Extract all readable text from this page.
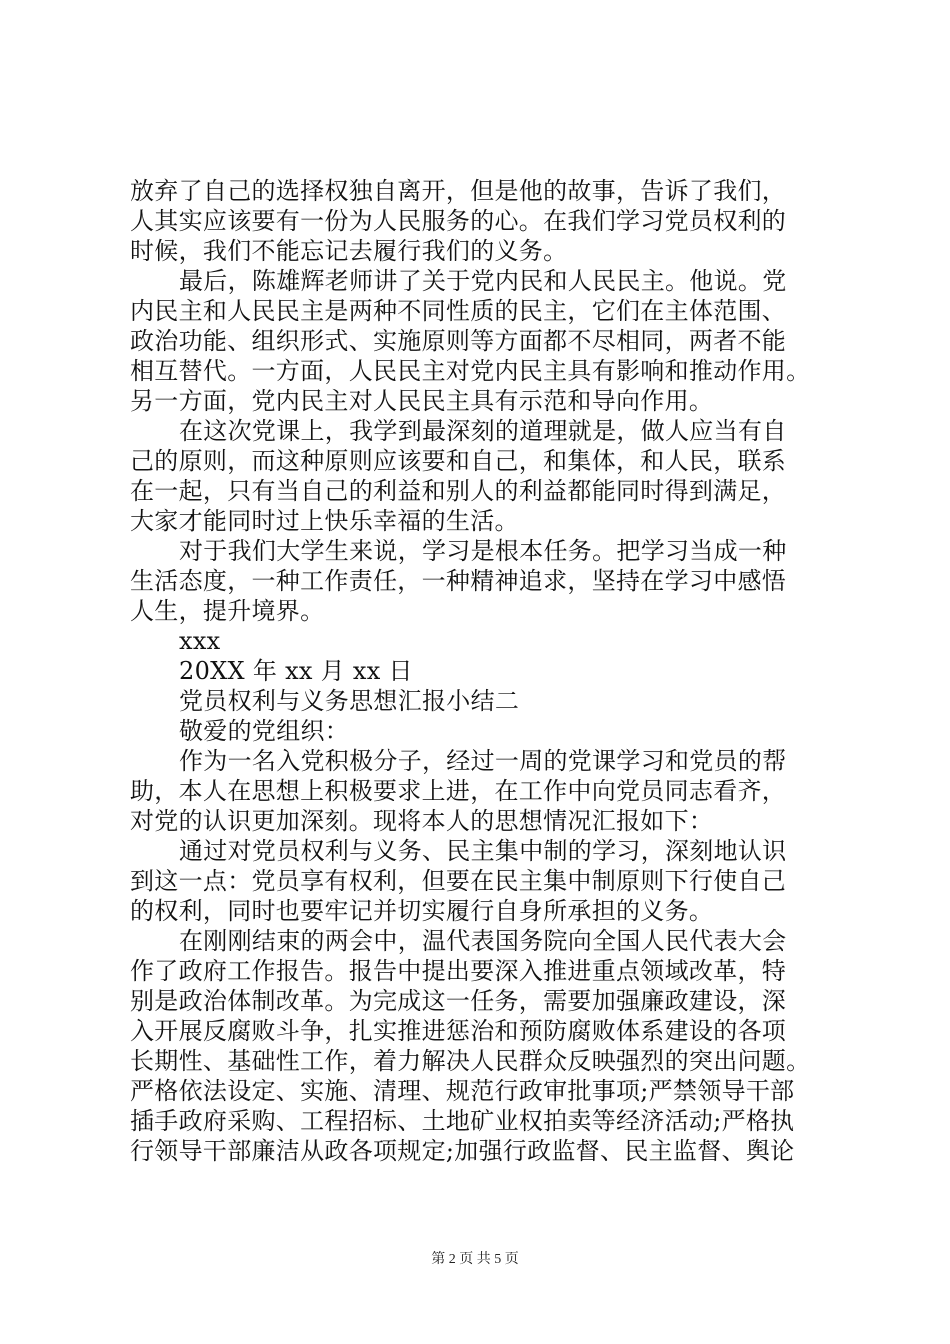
放弃了自己的选择权独自离开，但是他的故事，告诉了我们，
人其实应该要有一份为人民服务的心。在我们学习党员权利的
时候，我们不能忘记去履行我们的义务。
最后，陈雄辉老师讲了关于党内民和人民民主。他说。党
内民主和人民民主是两种不同性质的民主，它们在主体范围、
政治功能、组织形式、实施原则等方面都不尽相同，两者不能
相互替代。一方面，人民民主对党内民主具有影响和推动作用。
另一方面，党内民主对人民民主具有示范和导向作用。
在这次党课上，我学到最深刻的道理就是，做人应当有自
己的原则，而这种原则应该要和自己，和集体，和人民，联系
在一起，只有当自己的利益和别人的利益都能同时得到满足，
大家才能同时过上快乐幸福的生活。
对于我们大学生来说，学习是根本任务。把学习当成一种
生活态度，一种工作责任，一种精神追求，坚持在学习中感悟
人生，提升境界。
xxx
20XX 年 xx 月 xx 日
党员权利与义务思想汇报小结二
敬爱的党组织：
作为一名入党积极分子，经过一周的党课学习和党员的帮
助，本人在思想上积极要求上进，在工作中向党员同志看齐，
对党的认识更加深刻。现将本人的思想情况汇报如下：
通过对党员权利与义务、民主集中制的学习，深刻地认识
到这一点：党员享有权利，但要在民主集中制原则下行使自己
的权利，同时也要牢记并切实履行自身所承担的义务。
在刚刚结束的两会中，温代表国务院向全国人民代表大会
作了政府工作报告。报告中提出要深入推进重点领域改革，特
别是政治体制改革。为完成这一任务，需要加强廉政建设，深
入开展反腐败斗争，扎实推进惩治和预防腐败体系建设的各项
长期性、基础性工作，着力解决人民群众反映强烈的突出问题。
严格依法设定、实施、清理、规范行政审批事项;严禁领导干部
插手政府采购、工程招标、土地矿业权拍卖等经济活动;严格执
行领导干部廉洁从政各项规定;加强行政监督、民主监督、舆论
第 2 页 共 5 页
